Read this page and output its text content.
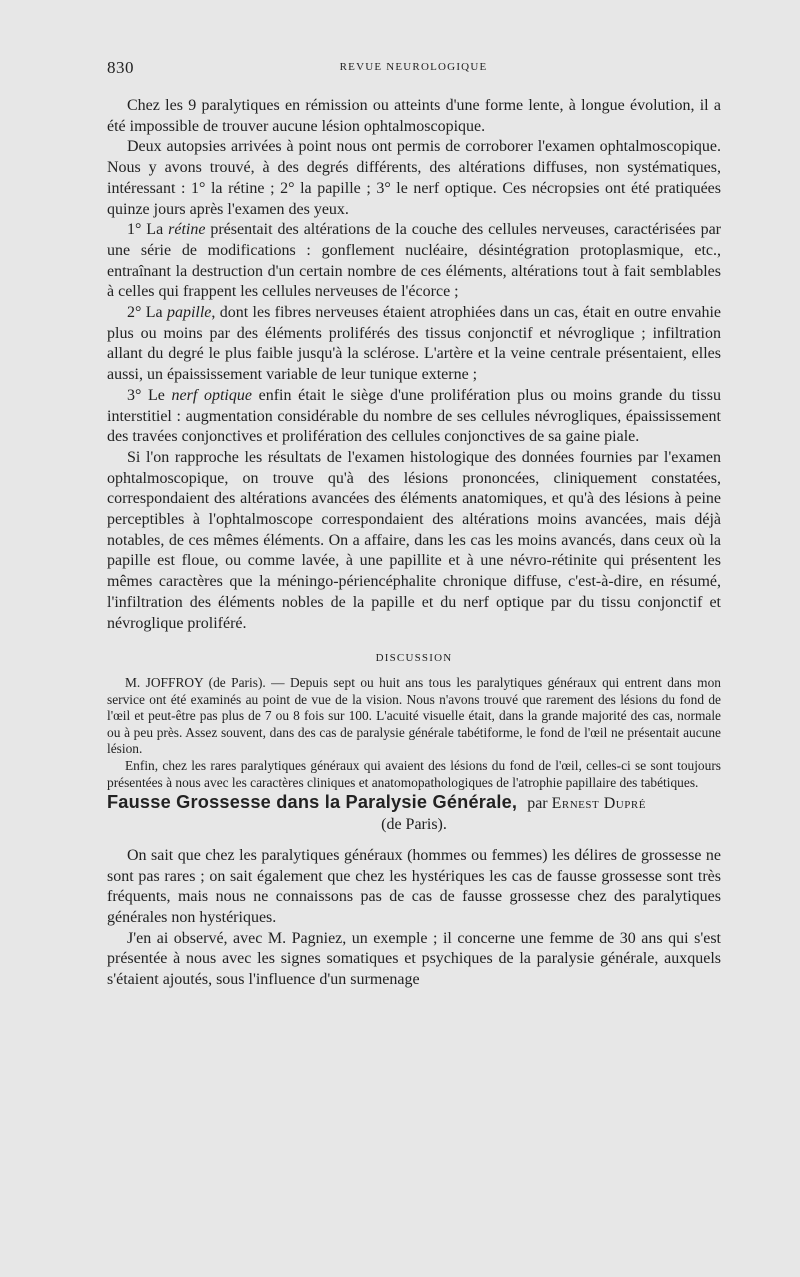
830	REVUE NEUROLOGIQUE

Chez les 9 paralytiques en rémission ou atteints d'une forme lente, à longue évolution, il a été impossible de trouver aucune lésion ophtalmoscopique.

Deux autopsies arrivées à point nous ont permis de corroborer l'examen ophtalmoscopique. Nous y avons trouvé, à des degrés différents, des altérations diffuses, non systématiques, intéressant : 1° la rétine ; 2° la papille ; 3° le nerf optique. Ces nécropsies ont été pratiquées quinze jours après l'examen des yeux.

1° La rétine présentait des altérations de la couche des cellules nerveuses, caractérisées par une série de modifications : gonflement nucléaire, désintégration protoplasmique, etc., entraînant la destruction d'un certain nombre de ces éléments, altérations tout à fait semblables à celles qui frappent les cellules nerveuses de l'écorce ;

2° La papille, dont les fibres nerveuses étaient atrophiées dans un cas, était en outre envahie plus ou moins par des éléments proliférés des tissus conjonctif et névroglique ; infiltration allant du degré le plus faible jusqu'à la sclérose. L'artère et la veine centrale présentaient, elles aussi, un épaississement variable de leur tunique externe ;

3° Le nerf optique enfin était le siège d'une prolifération plus ou moins grande du tissu interstitiel : augmentation considérable du nombre de ses cellules névrogliques, épaississement des travées conjonctives et prolifération des cellules conjonctives de sa gaine piale.

Si l'on rapproche les résultats de l'examen histologique des données fournies par l'examen ophtalmoscopique, on trouve qu'à des lésions prononcées, cliniquement constatées, correspondaient des altérations avancées des éléments anatomiques, et qu'à des lésions à peine perceptibles à l'ophtalmoscope correspondaient des altérations moins avancées, mais déjà notables, de ces mêmes éléments. On a affaire, dans les cas les moins avancés, dans ceux où la papille est floue, ou comme lavée, à une papillite et à une névro-rétinite qui présentent les mêmes caractères que la méningo-périencéphalite chronique diffuse, c'est-à-dire, en résumé, l'infiltration des éléments nobles de la papille et du nerf optique par du tissu conjonctif et névroglique proliféré.

DISCUSSION

M. JOFFROY (de Paris). — Depuis sept ou huit ans tous les paralytiques généraux qui entrent dans mon service ont été examinés au point de vue de la vision. Nous n'avons trouvé que rarement des lésions du fond de l'œil et peut-être pas plus de 7 ou 8 fois sur 100. L'acuité visuelle était, dans la grande majorité des cas, normale ou à peu près. Assez souvent, dans des cas de paralysie générale tabétiforme, le fond de l'œil ne présentait aucune lésion.

Enfin, chez les rares paralytiques généraux qui avaient des lésions du fond de l'œil, celles-ci se sont toujours présentées à nous avec les caractères cliniques et anatomopathologiques de l'atrophie papillaire des tabétiques.

Fausse Grossesse dans la Paralysie Générale, par Ernest Dupré

(de Paris).

On sait que chez les paralytiques généraux (hommes ou femmes) les délires de grossesse ne sont pas rares ; on sait également que chez les hystériques les cas de fausse grossesse sont très fréquents, mais nous ne connaissons pas de cas de fausse grossesse chez des paralytiques générales non hystériques.

J'en ai observé, avec M. Pagniez, un exemple ; il concerne une femme de 30 ans qui s'est présentée à nous avec les signes somatiques et psychiques de la paralysie générale, auxquels s'étaient ajoutés, sous l'influence d'un surmenage
